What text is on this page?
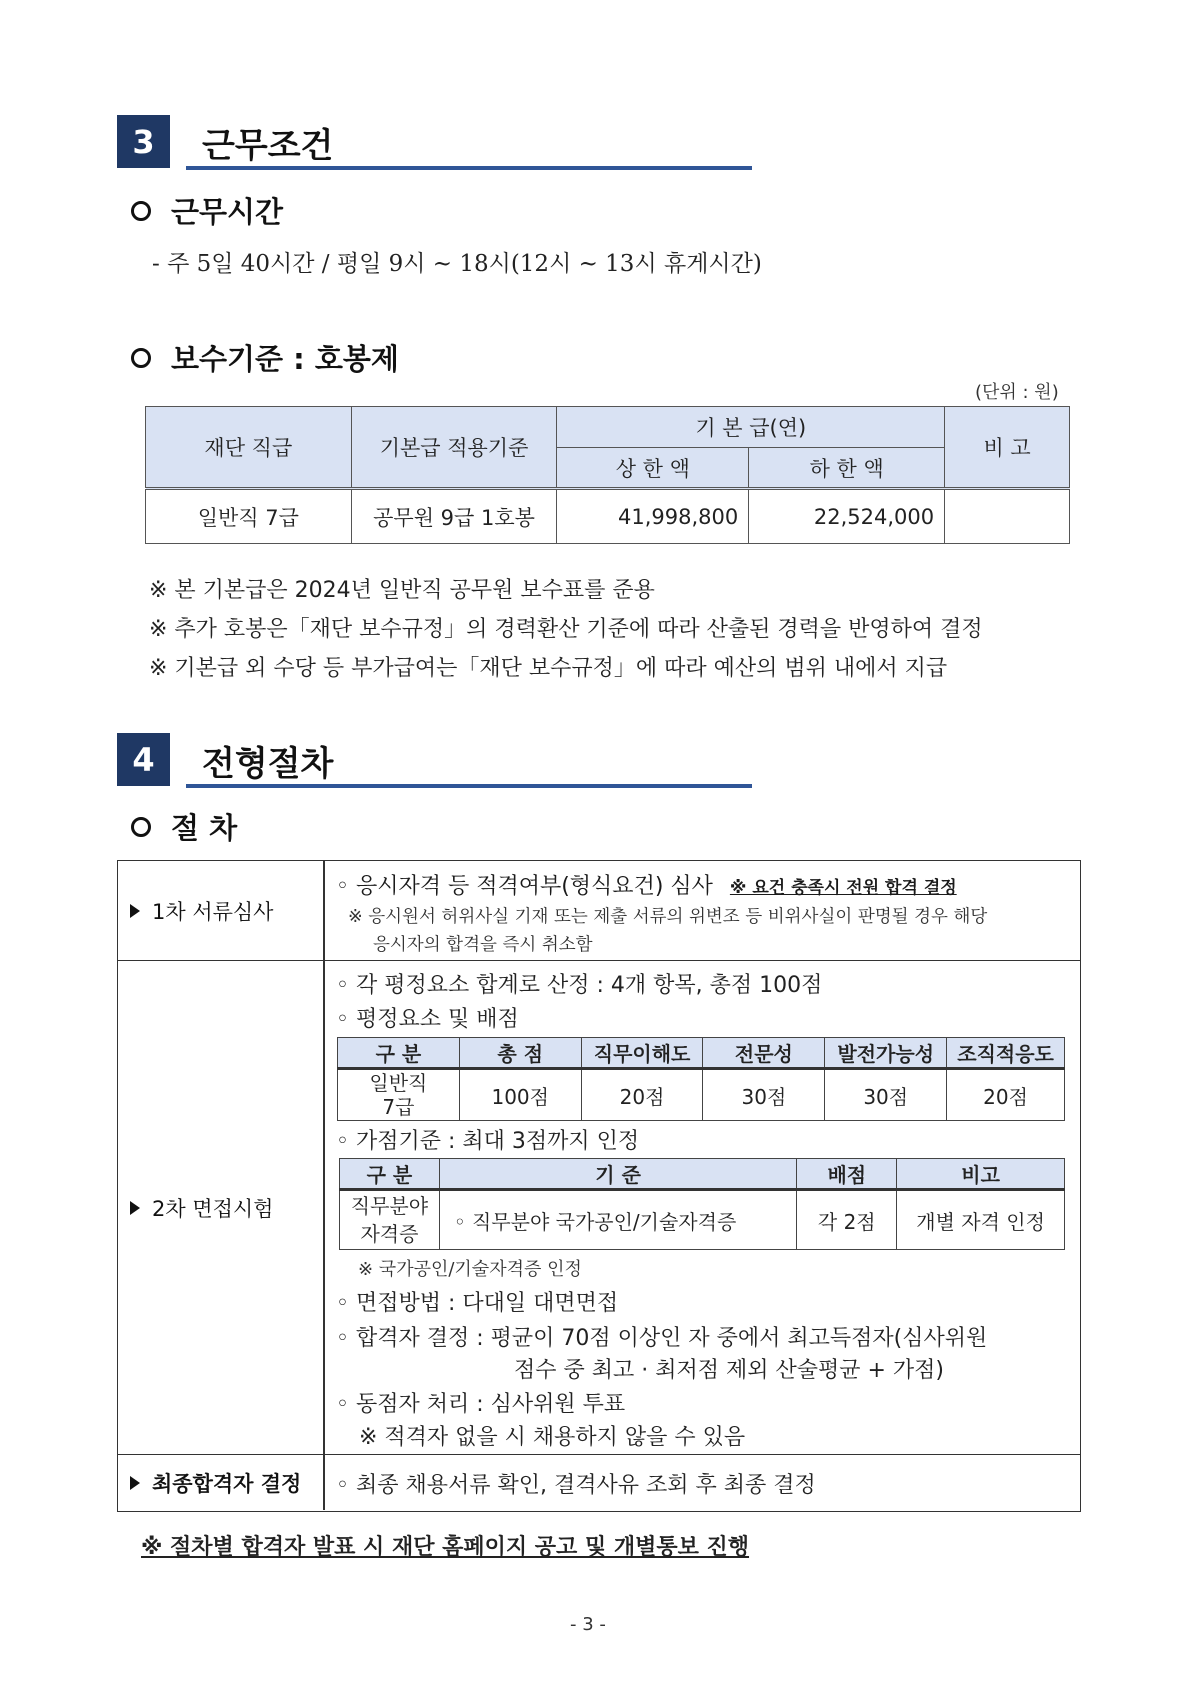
3	근무조건
근무시간
- 주 5일 40시간 / 평일 9시 ~ 18시(12시 ~ 13시 휴게시간)
보수기준 : 호봉제
(단위 : 원)
재단 직급	기본급 적용기준	기 본 급(연)		비 고
		상 한 액	하 한 액	
일반직 7급	공무원 9급 1호봉	41,998,800	22,524,000	
※ 본 기본급은 2024년 일반직 공무원 보수표를 준용
※ 추가 호봉은「재단 보수규정」의 경력환산 기준에 따라 산출된 경력을 반영하여 결정
※ 기본급 외 수당 등 부가급여는「재단 보수규정」에 따라 예산의 범위 내에서 지급
4	전형절차
절 차
1차 서류심사
◦ 응시자격 등 적격여부(형식요건) 심사 ※ 요건 충족시 전원 합격 결정
※ 응시원서 허위사실 기재 또는 제출 서류의 위변조 등 비위사실이 판명될 경우 해당
응시자의 합격을 즉시 취소함
2차 면접시험
◦ 각 평정요소 합계로 산정 : 4개 항목, 총점 100점
◦ 평정요소 및 배점
구 분	총 점	직무이해도	전문성	발전가능성	조직적응도
일반직
7급	100점	20점	30점	30점	20점
◦ 가점기준 : 최대 3점까지 인정
구 분	기 준	배점	비고
직무분야
자격증	◦ 직무분야 국가공인/기술자격증	각 2점	개별 자격 인정
※ 국가공인/기술자격증 인정
◦ 면접방법 : 다대일 대면면접
◦ 합격자 결정 : 평균이 70점 이상인 자 중에서 최고득점자(심사위원
점수 중 최고 · 최저점 제외 산술평균 + 가점)
◦ 동점자 처리 : 심사위원 투표
※ 적격자 없을 시 채용하지 않을 수 있음
최종합격자 결정 ◦ 최종 채용서류 확인, 결격사유 조회 후 최종 결정
※ 절차별 합격자 발표 시 재단 홈페이지 공고 및 개별통보 진행
- 3 -
